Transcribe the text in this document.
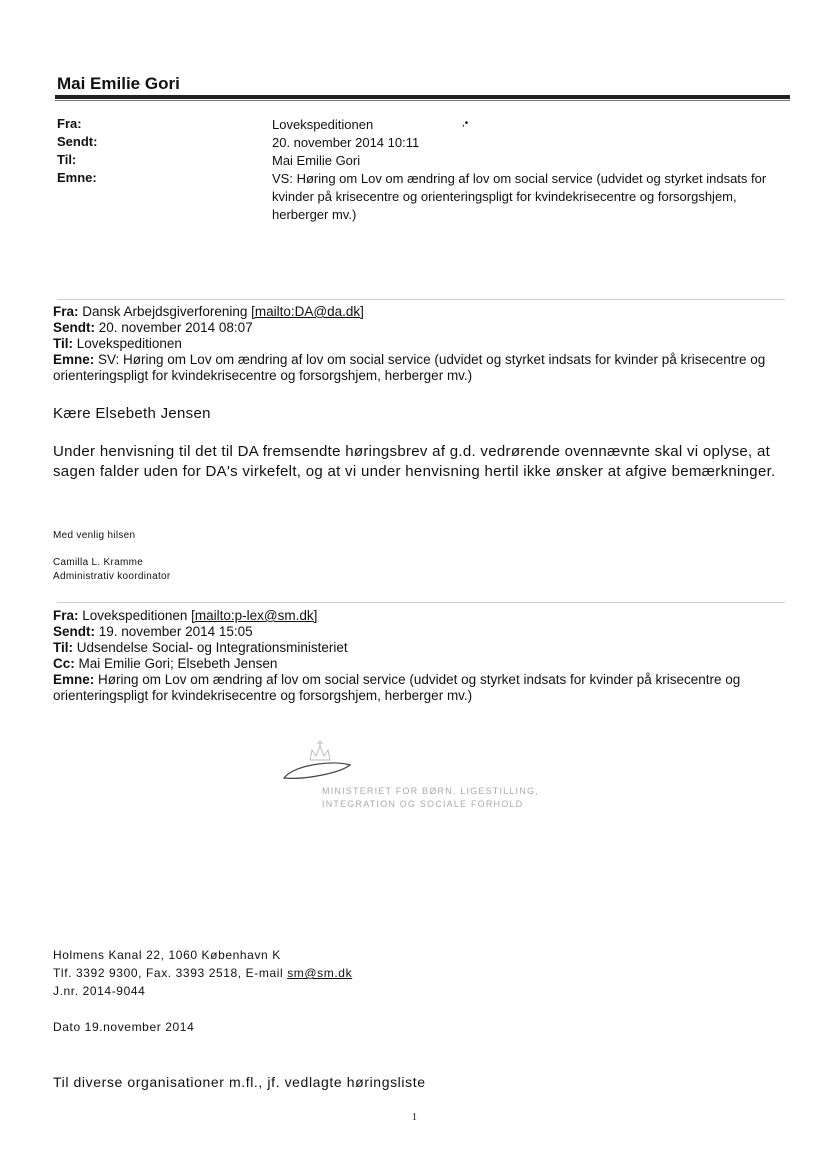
Mai Emilie Gori
Fra:
Sendt:
Til:
Emne:
Lovekspeditionen	,•
20. november 2014 10:11
Mai Emilie Gori
VS: Høring om Lov om ændring af lov om social service (udvidet og styrket indsats for kvinder på krisecentre og orienteringspligt for kvindekrisecentre og forsorgshjem, herberger mv.)
Fra: Dansk Arbejdsgiverforening [mailto:DA@da.dk]
Sendt: 20. november 2014 08:07
Til: Lovekspeditionen
Emne: SV: Høring om Lov om ændring af lov om social service (udvidet og styrket indsats for kvinder på krisecentre og orienteringspligt for kvindekrisecentre og forsorgshjem, herberger mv.)
Kære Elsebeth Jensen
Under henvisning til det til DA fremsendte høringsbrev af g.d. vedrørende ovennævnte skal vi oplyse, at sagen falder uden for DA's virkefelt, og at vi under henvisning hertil ikke ønsker at afgive bemærkninger.
Med venlig hilsen
Camilla L. Kramme
Administrativ koordinator
Fra: Lovekspeditionen [mailto:p-lex@sm.dk]
Sendt: 19. november 2014 15:05
Til: Udsendelse Social- og Integrationsministeriet
Cc: Mai Emilie Gori; Elsebeth Jensen
Emne: Høring om Lov om ændring af lov om social service (udvidet og styrket indsats for kvinder på krisecentre og orienteringspligt for kvindekrisecentre og forsorgshjem, herberger mv.)
MINISTERIET FOR BØRN, LIGESTILLING,
INTEGRATION OG SOCIALE FORHOLD
Holmens Kanal 22, 1060 København K
Tlf. 3392 9300, Fax. 3393 2518, E-mail sm@sm.dk
J.nr. 2014-9044
Dato 19.november 2014
Til diverse organisationer m.fl., jf. vedlagte høringsliste
1
